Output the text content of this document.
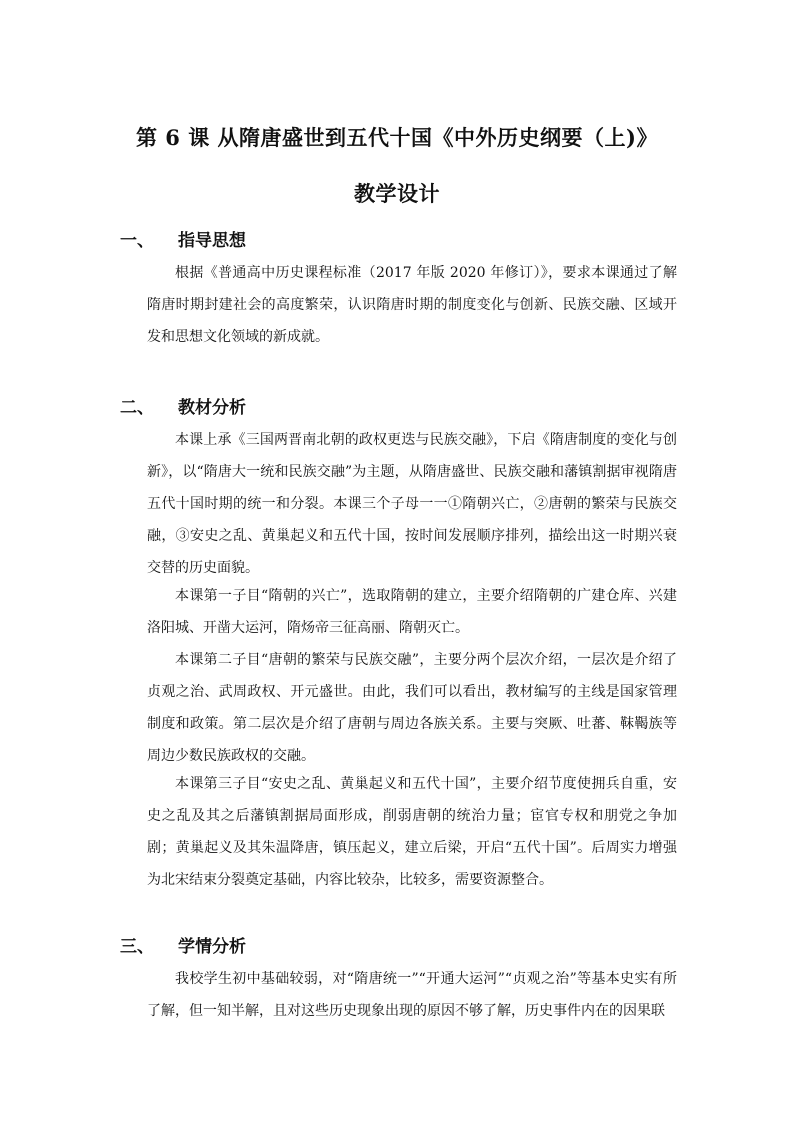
第 6 课 从隋唐盛世到五代十国《中外历史纲要（上)》
教学设计
一、 指导思想

根据《普通高中历史课程标准（2017 年版 2020 年修订）》，要求本课通过了解隋唐时期封建社会的高度繁荣，认识隋唐时期的制度变化与创新、民族交融、区域开发和思想文化领域的新成就。

二、 教材分析

本课上承《三国两晋南北朝的政权更迭与民族交融》，下启《隋唐制度的变化与创新》，以“隋唐大一统和民族交融”为主题，从隋唐盛世、民族交融和藩镇割据审视隋唐五代十国时期的统一和分裂。本课三个子母一一①隋朝兴亡，②唐朝的繁荣与民族交融，③安史之乱、黄巢起义和五代十国，按时间发展顺序排列，描绘出这一时期兴衰交替的历史面貌。

本课第一子目“隋朝的兴亡”，选取隋朝的建立，主要介绍隋朝的广建仓库、兴建洛阳城、开凿大运河，隋炀帝三征高丽、隋朝灭亡。

本课第二子目“唐朝的繁荣与民族交融”，主要分两个层次介绍，一层次是介绍了贞观之治、武周政权、开元盛世。由此，我们可以看出，教材编写的主线是国家管理制度和政策。第二层次是介绍了唐朝与周边各族关系。主要与突厥、吐蕃、靺鞨族等周边少数民族政权的交融。

本课第三子目“安史之乱、黄巢起义和五代十国”，主要介绍节度使拥兵自重，安史之乱及其之后藩镇割据局面形成，削弱唐朝的统治力量；宦官专权和朋党之争加剧；黄巢起义及其朱温降唐，镇压起义，建立后梁，开启“五代十国”。后周实力增强为北宋结束分裂奠定基础，内容比较杂，比较多，需要资源整合。

三、 学情分析

我校学生初中基础较弱，对“隋唐统一”“开通大运河”“贞观之治”等基本史实有所了解，但一知半解，且对这些历史现象出现的原因不够了解，历史事件内在的因果联
